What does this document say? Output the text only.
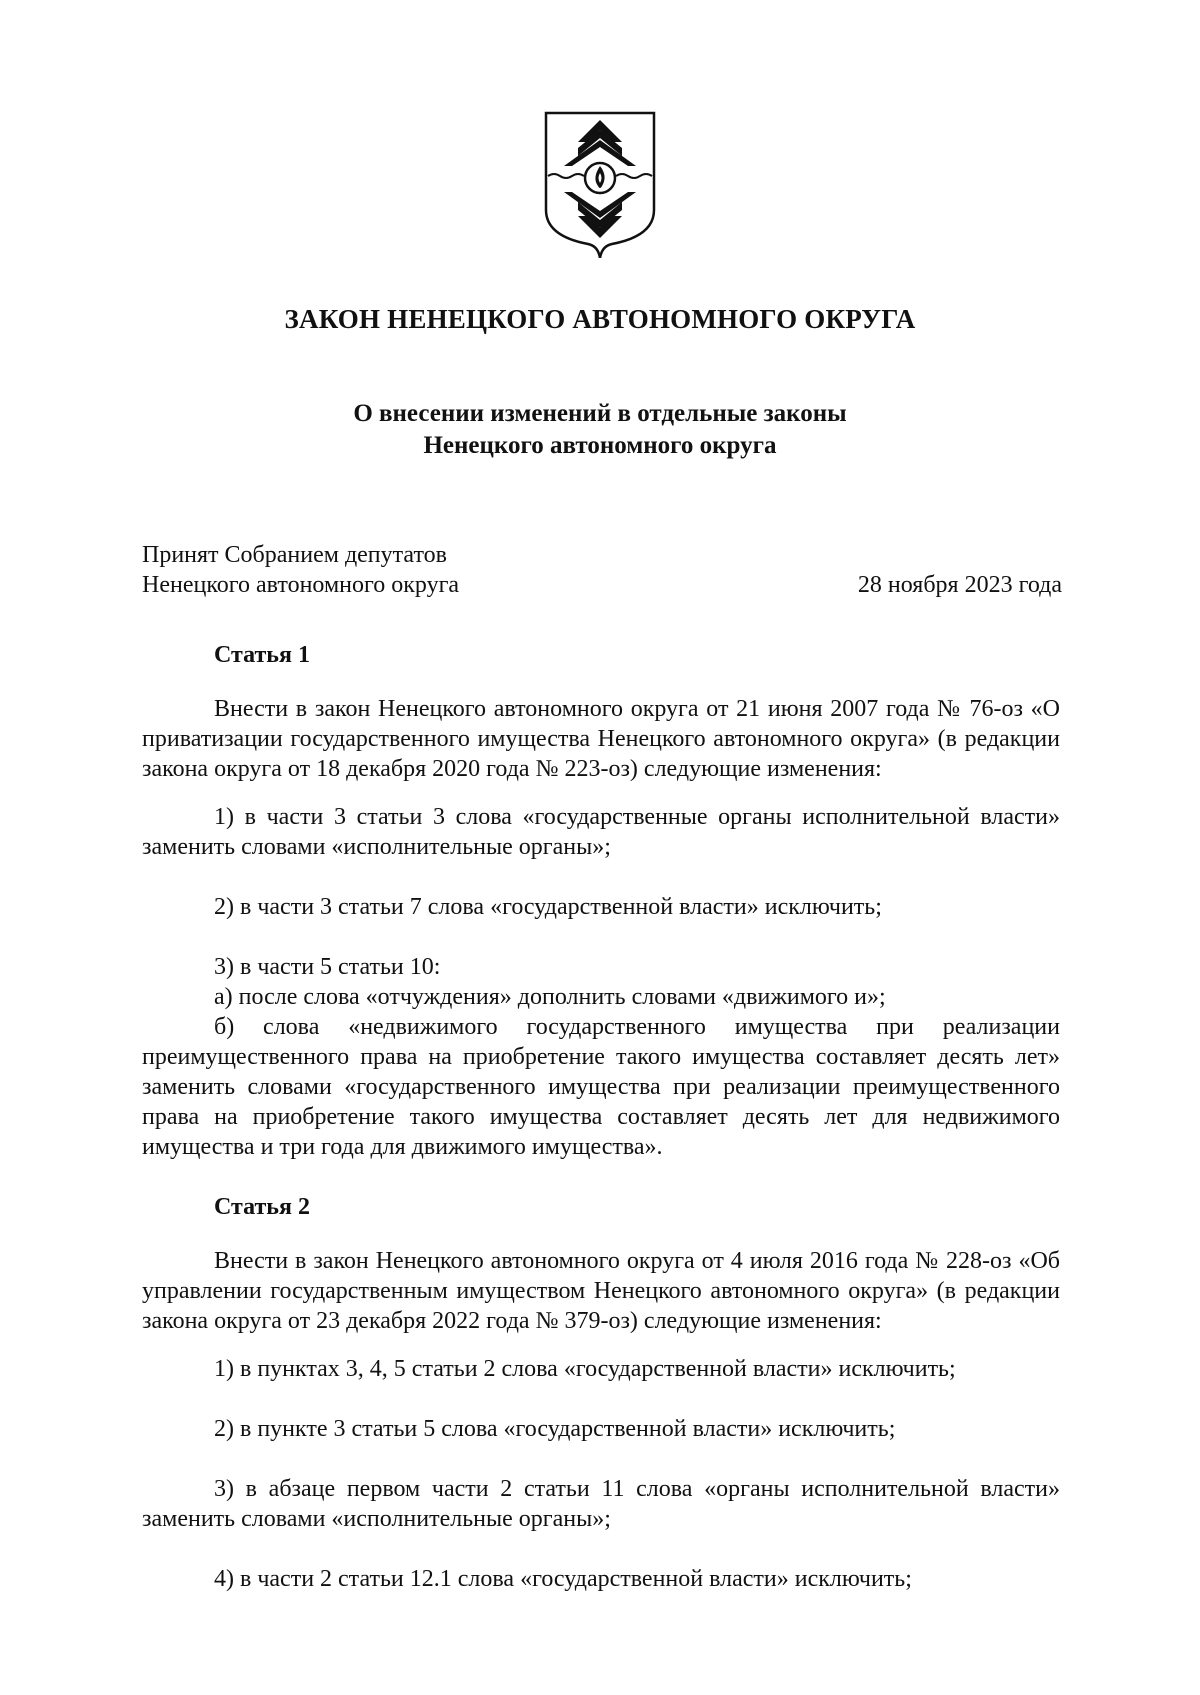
ЗАКОН НЕНЕЦКОГО АВТОНОМНОГО ОКРУГА
О внесении изменений в отдельные законы
Ненецкого автономного округа
Принят Собранием депутатов
Ненецкого автономного округа	28 ноября 2023 года
Статья 1

Внести в закон Ненецкого автономного округа от 21 июня 2007 года № 76-оз «О приватизации государственного имущества Ненецкого автономного округа» (в редакции закона округа от 18 декабря 2020 года № 223-оз) следующие изменения:

1) в части 3 статьи 3 слова «государственные органы исполнительной власти» заменить словами «исполнительные органы»;

2) в части 3 статьи 7 слова «государственной власти» исключить;

3) в части 5 статьи 10:

а) после слова «отчуждения» дополнить словами «движимого и»;

б) слова «недвижимого государственного имущества при реализации преимущественного права на приобретение такого имущества составляет десять лет» заменить словами «государственного имущества при реализации преимущественного права на приобретение такого имущества составляет десять лет для недвижимого имущества и три года для движимого имущества».

Статья 2

Внести в закон Ненецкого автономного округа от 4 июля 2016 года № 228-оз «Об управлении государственным имуществом Ненецкого автономного округа» (в редакции закона округа от 23 декабря 2022 года № 379-оз) следующие изменения:

1) в пунктах 3, 4, 5 статьи 2 слова «государственной власти» исключить;

2) в пункте 3 статьи 5 слова «государственной власти» исключить;

3) в абзаце первом части 2 статьи 11 слова «органы исполнительной власти» заменить словами «исполнительные органы»;

4) в части 2 статьи 12.1 слова «государственной власти» исключить;
